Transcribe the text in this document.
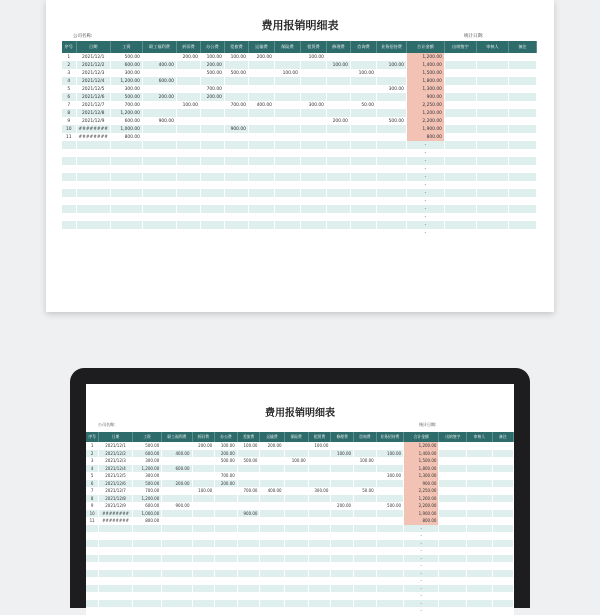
费用报销明细表
公司名称:	统计日期:
序号	日期	工资	职工福利费	折旧费	办公费	差旅费	运输费	保险费	租赁费	修理费	咨询费	业务招待费	合计金额	出纳签字	审核人	备注
1	2021/12/1	500.00		200.00	100.00	100.00	200.00		100.00				1,200.00			
2	2021/12/2	600.00	400.00		200.00					100.00		100.00	1,400.00			
3	2021/12/3	300.00			500.00	500.00		100.00			100.00		1,500.00			
4	2021/12/4	1,200.00	600.00										1,800.00			
5	2021/12/5	300.00			700.00							300.00	1,300.00			
6	2021/12/6	500.00	200.00		200.00								900.00			
7	2021/12/7	700.00		100.00		700.00	400.00		300.00		50.00		2,250.00			
8	2021/12/8	1,200.00											1,200.00			
9	2021/12/9	600.00	900.00							200.00		500.00	2,200.00			
10	########	1,000.00				900.00							1,900.00			
11	########	800.00											800.00			
													-			
													-			
													-			
													-			
													-			
													-			
													-			
													-			
													-			
													-			
													-			
													-			
费用报销明细表
公司名称:	统计日期:
序号	日期	工资	职工福利费	折旧费	办公费	差旅费	运输费	保险费	租赁费	修理费	咨询费	业务招待费	合计金额	出纳签字	审核人	备注
1	2021/12/1	500.00		200.00	100.00	100.00	200.00		100.00				1,200.00			
2	2021/12/2	600.00	400.00		200.00					100.00		100.00	1,400.00			
3	2021/12/3	300.00			500.00	500.00		100.00			100.00		1,500.00			
4	2021/12/4	1,200.00	600.00										1,800.00			
5	2021/12/5	300.00			700.00							300.00	1,300.00			
6	2021/12/6	500.00	200.00		200.00								900.00			
7	2021/12/7	700.00		100.00		700.00	400.00		300.00		50.00		2,250.00			
8	2021/12/8	1,200.00											1,200.00			
9	2021/12/9	600.00	900.00							200.00		500.00	2,200.00			
10	########	1,000.00				900.00							1,900.00			
11	########	800.00											800.00			
													-			
													-			
													-			
													-			
													-			
													-			
													-			
													-			
													-			
													-			
													-			
													-			
